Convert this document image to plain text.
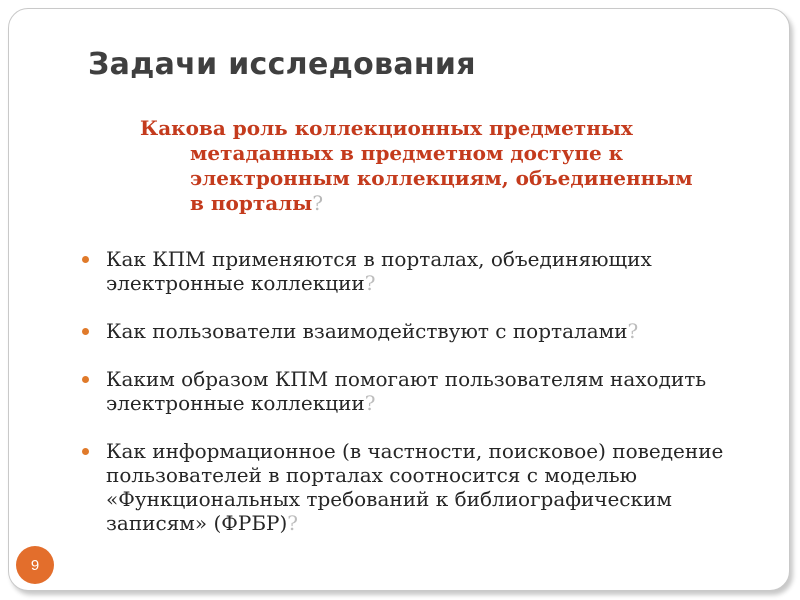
Задачи исследования
Какова роль коллекционных предметных метаданных в предметном доступе к электронным коллекциям, объединенным в порталы?
Как КПМ применяются в порталах, объединяющих электронные коллекции?
Как пользователи взаимодействуют с порталами?
Каким образом КПМ помогают пользователям находить электронные коллекции?
Как информационное (в частности, поисковое) поведение пользователей в порталах соотносится с моделью «Функциональных требований к библиографическим записям» (ФРБР)?
9
